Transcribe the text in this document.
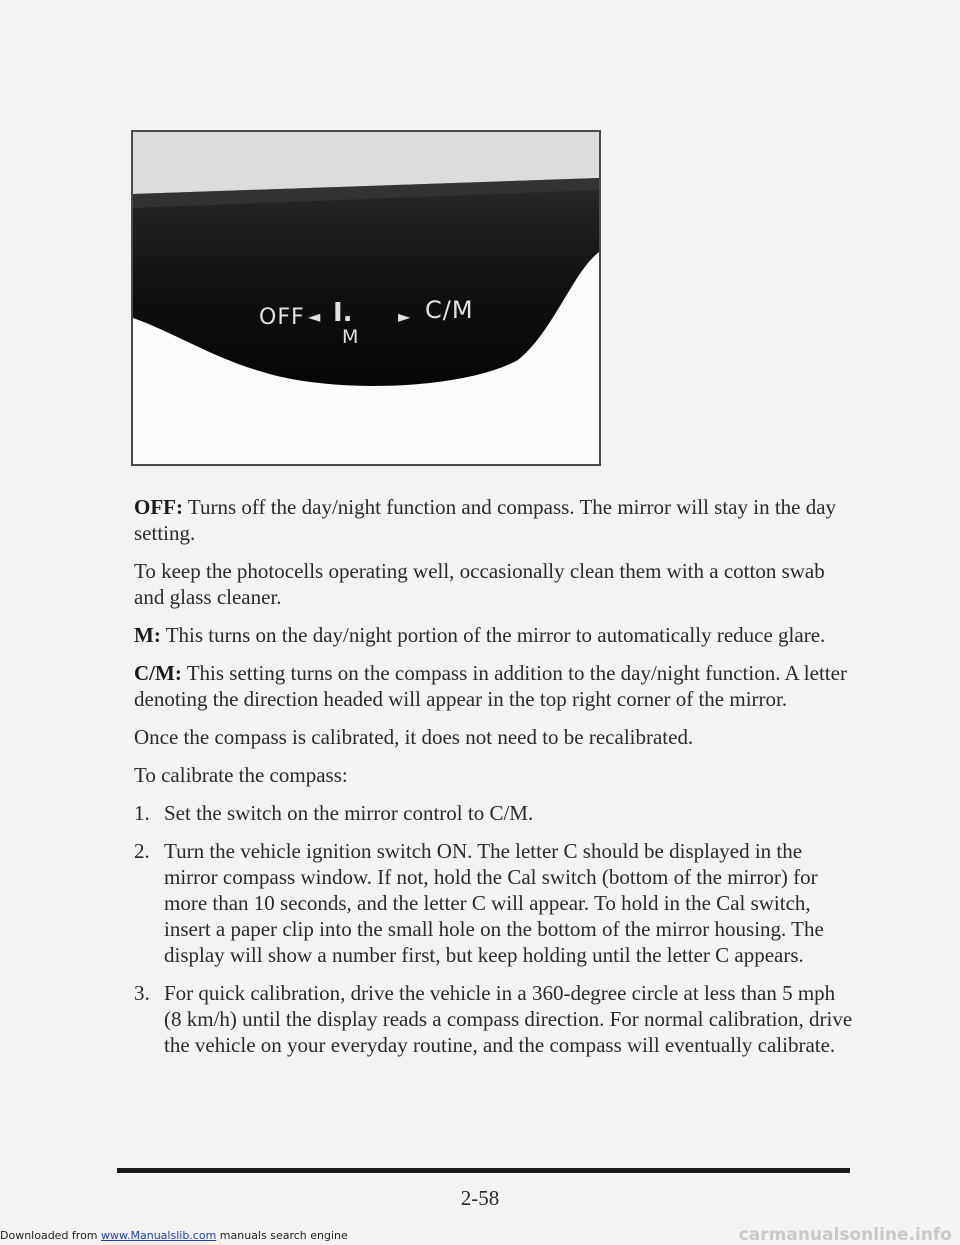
OFF ◄ I.
M
► C/M

OFF: Turns off the day/night function and compass. The mirror will stay in the day setting.

To keep the photocells operating well, occasionally clean them with a cotton swab and glass cleaner.

M: This turns on the day/night portion of the mirror to automatically reduce glare.

C/M: This setting turns on the compass in addition to the day/night function. A letter denoting the direction headed will appear in the top right corner of the mirror.

Once the compass is calibrated, it does not need to be recalibrated.

To calibrate the compass:

1. Set the switch on the mirror control to C/M.
2. Turn the vehicle ignition switch ON. The letter C should be displayed in the mirror compass window. If not, hold the Cal switch (bottom of the mirror) for more than 10 seconds, and the letter C will appear. To hold in the Cal switch, insert a paper clip into the small hole on the bottom of the mirror housing. The display will show a number first, but keep holding until the letter C appears.
3. For quick calibration, drive the vehicle in a 360-degree circle at less than 5 mph (8 km/h) until the display reads a compass direction. For normal calibration, drive the vehicle on your everyday routine, and the compass will eventually calibrate.
2-58
Downloaded from www.Manualslib.com manuals search engine	carmanualsonline.info
